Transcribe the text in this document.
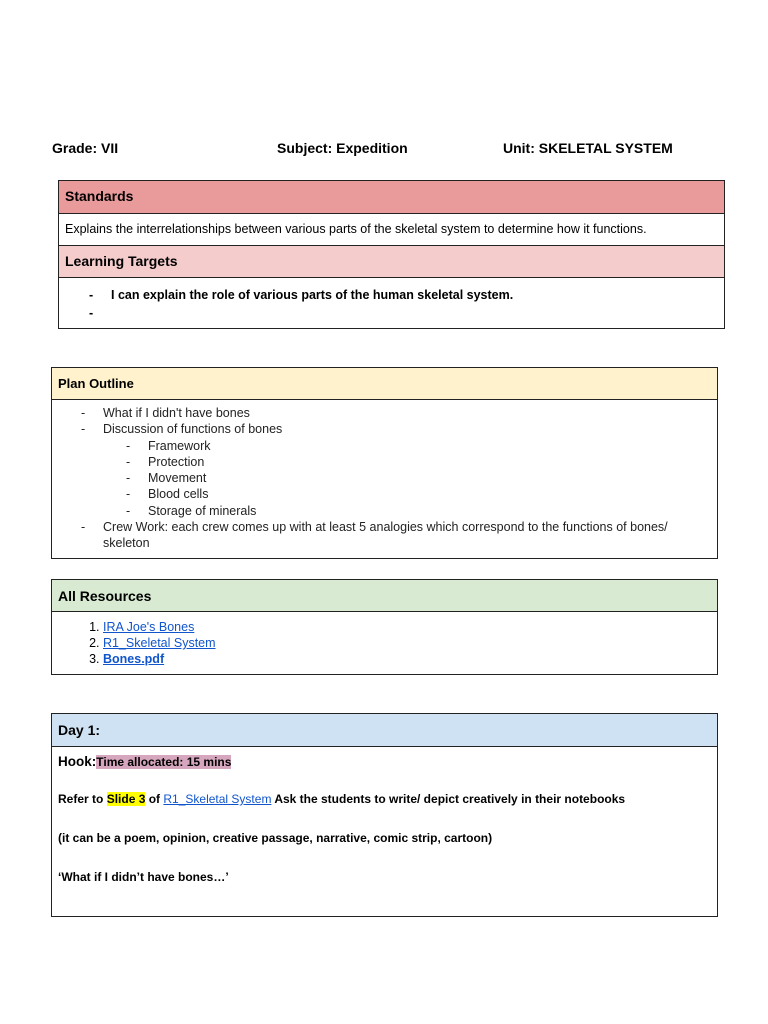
Grade: VII	Subject: Expedition	Unit: SKELETAL SYSTEM
Standards
Explains the interrelationships between various parts of the skeletal system to determine how it functions.
Learning Targets
- I can explain the role of various parts of the human skeletal system.
-
Plan Outline
- What if I didn't have bones
- Discussion of functions of bones
- Framework
- Protection
- Movement
- Blood cells
- Storage of minerals
- Crew Work: each crew comes up with at least 5 analogies which correspond to the functions of bones/ skeleton
All Resources
1. IRA Joe's Bones
2. R1_Skeletal System
3. Bones.pdf
Day 1:
Hook:Time allocated: 15 mins
Refer to Slide 3 of R1_Skeletal System Ask the students to write/ depict creatively in their notebooks
(it can be a poem, opinion, creative passage, narrative, comic strip, cartoon)
‘What if I didn’t have bones…’
